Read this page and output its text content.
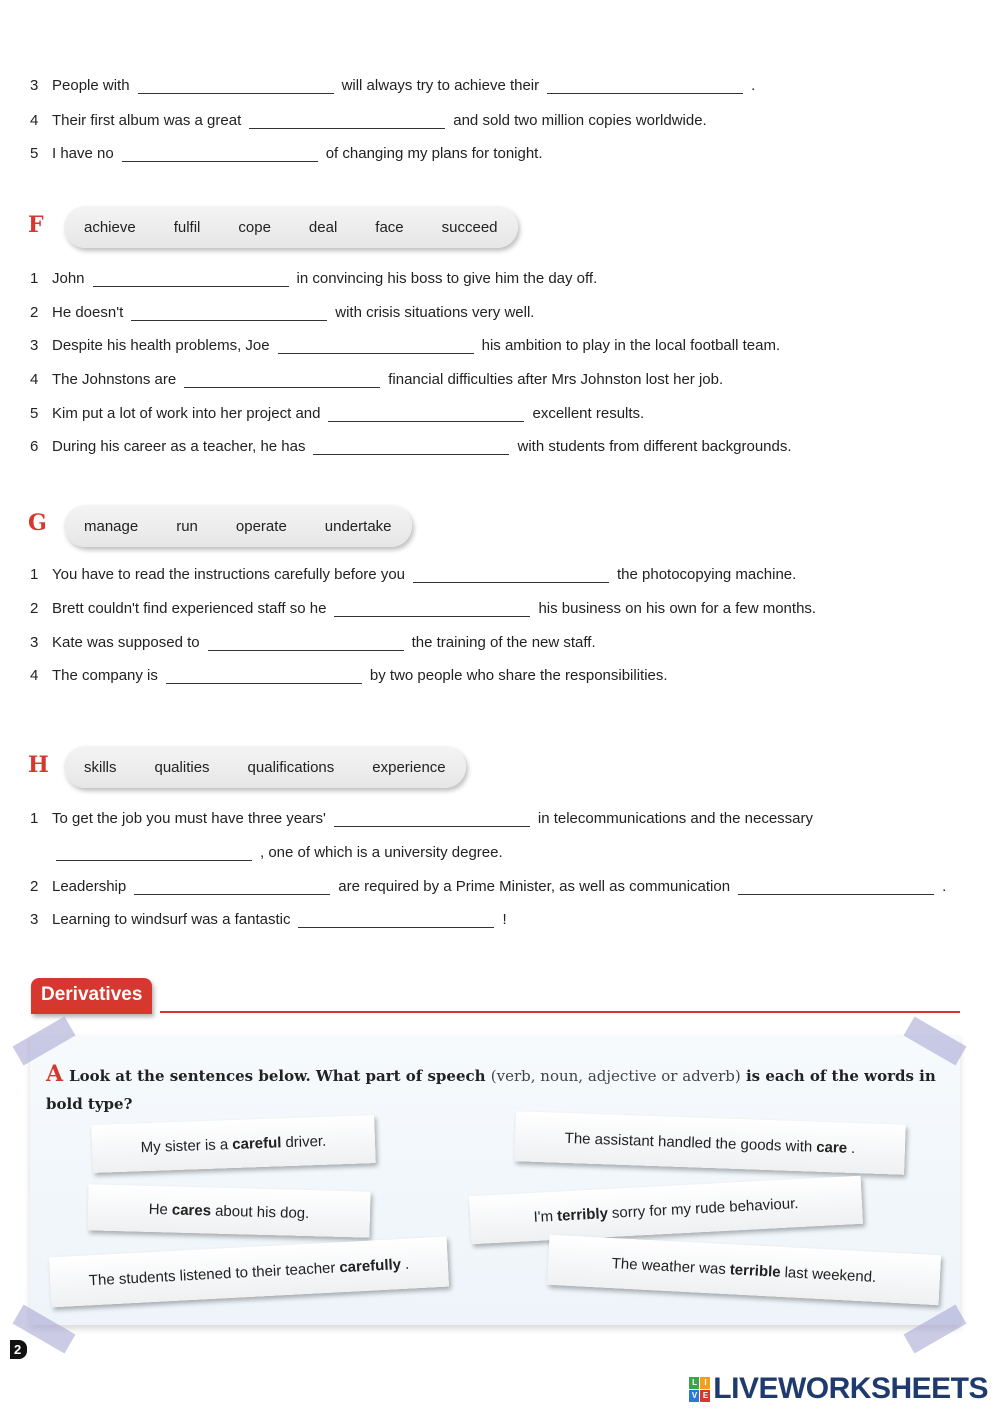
3 People with	will always try to achieve their	.
4 Their first album was a great	and sold two million copies worldwide.
5 I have no	of changing my plans for tonight.
F	achieve	fulfil	cope	deal	face	succeed
1 John	in convincing his boss to give him the day off.
2 He doesn't	with crisis situations very well.
3 Despite his health problems, Joe	his ambition to play in the local football team.
4 The Johnstons are	financial difficulties after Mrs Johnston lost her job.
5 Kim put a lot of work into her project and	excellent results.
6 During his career as a teacher, he has	with students from different backgrounds.
G manage	run	operate	undertake
1 You have to read the instructions carefully before you	the photocopying machine.
2 Brett couldn't find experienced staff so he	his business on his own for a few months.
3 Kate was supposed to	the training of the new staff.
4 The company is	by two people who share the responsibilities.
H skills	qualities	qualifications	experience
1 To get the job you must have three years'	in telecommunications and the necessary
, one of which is a university degree.
2 Leadership	are required by a Prime Minister, as well as communication	.
3 Learning to windsurf was a fantastic	!
Derivatives
A Look at the sentences below. What part of speech (verb, noun, adjective or adverb) is each of the words in bold type?
My sister is a careful driver.	The assistant handled the goods with care .
He cares about his dog.	I'm terribly sorry for my rude behaviour.
The students listened to their teacher carefully .	The weather was terrible last weekend.
2
L I
V E LIVEWORKSHEETS
